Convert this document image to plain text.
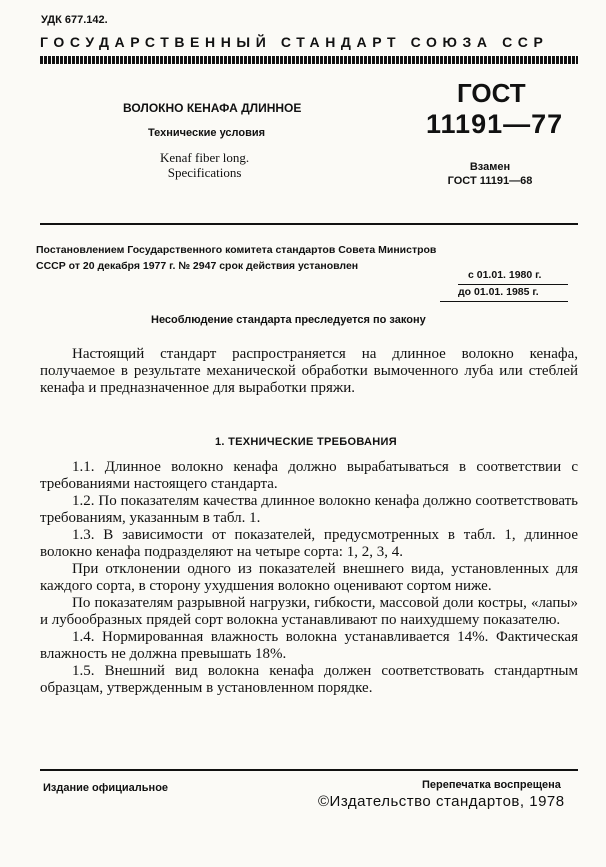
УДК 677.142.
ГОСУДАРСТВЕННЫЙ СТАНДАРТ СОЮЗА ССР
ВОЛОКНО КЕНАФА ДЛИННОЕ
Технические условия
Kenaf fiber long.
Specifications
ГОСТ
11191—77
Взамен
ГОСТ 11191—68
Постановлением Государственного комитета стандартов Совета Министров
СССР от 20 декабря 1977 г. № 2947 срок действия установлен
с 01.01. 1980 г.
до 01.01. 1985 г.
Несоблюдение стандарта преследуется по закону
Настоящий стандарт распространяется на длинное волокно кенафа, получаемое в результате механической обработки вымоченного луба или стеблей кенафа и предназначенное для выработки пряжи.
1. ТЕХНИЧЕСКИЕ ТРЕБОВАНИЯ

1.1. Длинное волокно кенафа должно вырабатываться в соответствии с требованиями настоящего стандарта.

1.2. По показателям качества длинное волокно кенафа должно соответствовать требованиям, указанным в табл. 1.

1.3. В зависимости от показателей, предусмотренных в табл. 1, длинное волокно кенафа подразделяют на четыре сорта: 1, 2, 3, 4.

При отклонении одного из показателей внешнего вида, установленных для каждого сорта, в сторону ухудшения волокно оценивают сортом ниже.

По показателям разрывной нагрузки, гибкости, массовой доли костры, «лапы» и лубообразных прядей сорт волокна устанавливают по наихудшему показателю.

1.4. Нормированная влажность волокна устанавливается 14%. Фактическая влажность не должна превышать 18%.

1.5. Внешний вид волокна кенафа должен соответствовать стандартным образцам, утвержденным в установленном порядке.

Издание официальное	Перепечатка воспрещена
©Издательство стандартов, 1978
